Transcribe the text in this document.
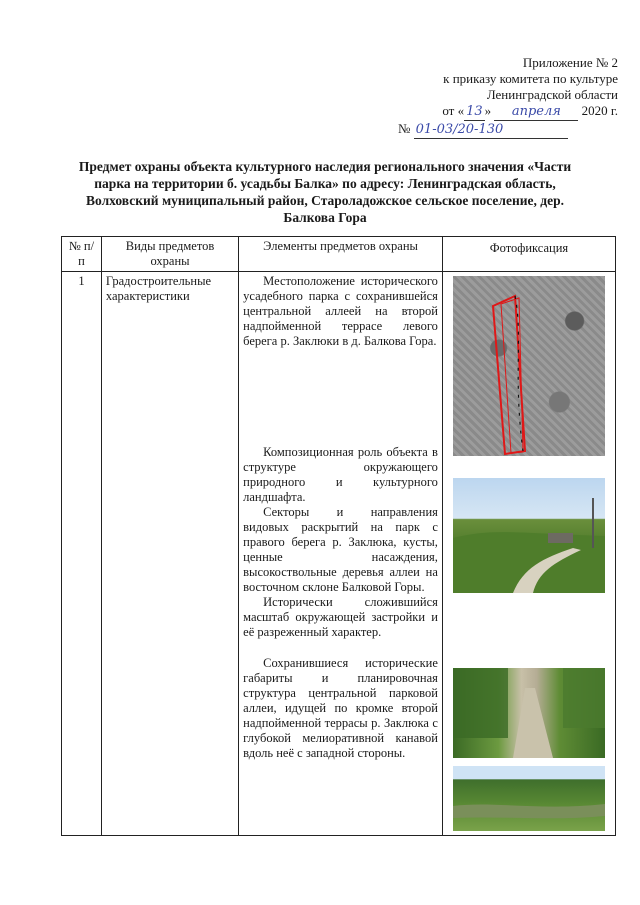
Приложение № 2
к приказу комитета по культуре
Ленинградской области
от « 13 » апреля 2020 г.
№ 01-03/20-130
Предмет охраны объекта культурного наследия регионального значения «Части парка на территории б. усадьбы Балка» по адресу: Ленинградская область, Волховский муниципальный район, Староладожское сельское поселение, дер. Балкова Гора
№ п/п	Виды предметов охраны	Элементы предметов охраны	Фотофиксация
1	Градостроительные характеристики	Местоположение исторического усадебного парка с сохранившейся центральной аллеей на второй надпойменной террасе левого берега р. Заклюки в д. Балкова Гора.

Композиционная роль объекта в структуре окружающего природного и культурного ландшафта.

Секторы и направления видовых раскрытий на парк с правого берега р. Заклюка, кусты, ценные насаждения, высокоствольные деревья аллеи на восточном склоне Балковой Горы.

Исторически сложившийся масштаб окружающей застройки и её разреженный характер.

Сохранившиеся исторические габариты и планировочная структура центральной парковой аллеи, идущей по кромке второй надпойменной террасы р. Заклюка с глубокой мелиоративной канавой вдоль неё с западной стороны.
